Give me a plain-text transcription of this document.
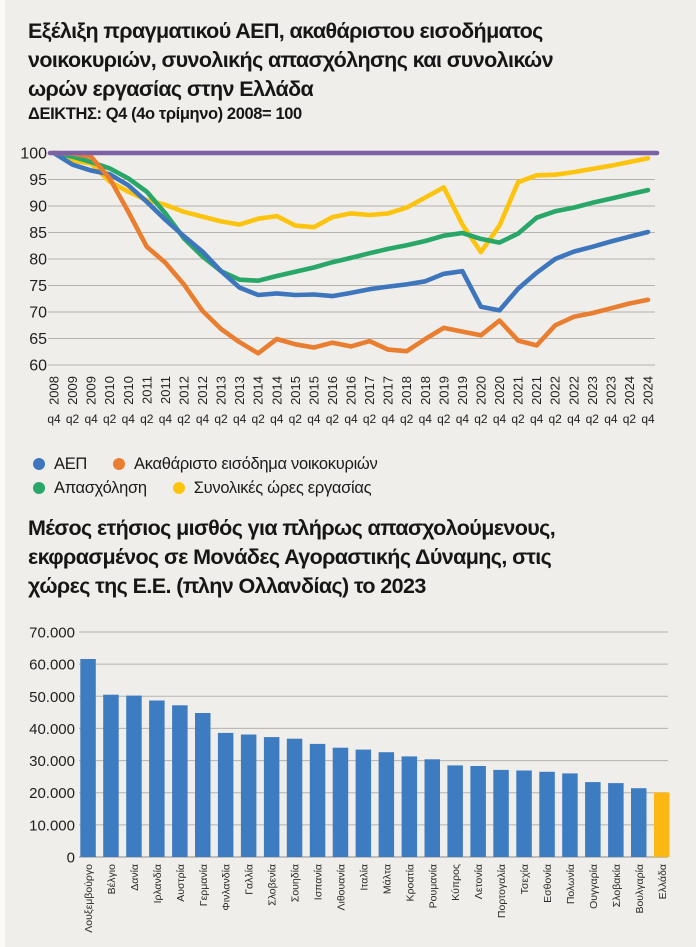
Εξέλιξη πραγματικού ΑΕΠ, ακαθάριστου εισοδήματος
νοικοκυριών, συνολικής απασχόλησης και συνολικών
ωρών εργασίας στην Ελλάδα
ΔΕΙΚΤΗΣ: Q4 (4ο τρίμηνο) 2008= 100
100
95
90
85
80
75
70
65
60
2008
q4
2009
q2
2009
q4
2010
q2
2010
q4
2011
q2
2011
q4
2012
q2
2012
q4
2013
q2
2013
q4
2014
q2
2014
q4
2015
q2
2015
q4
2016
q2
2016
q4
2017
q2
2017
q4
2018
q2
2018
q4
2019
q2
2019
q4
2020
q2
2020
q4
2021
q2
2021
q4
2022
q2
2022
q4
2023
q2
2023
q4
2024
q2
2024
q4
70.000
60.000
50.000
40.000
30.000
20.000
10.000
0
Λουξεμβούργο Βέλγιο Δανία Ιρλανδία Αυστρία Γερμανία Φινλανδία Γαλλία Σλοβενία Σουηδία Ισπανία Λιθουανία Ιταλία Μάλτα Κροατία Ρουμανία Κύπρος Λετονία Πορτογαλία Τσεχία Εσθονία Πολωνία Ουγγαρία Σλοβακία Βουλγαρία Ελλάδα
ΑΕΠ	Ακαθάριστο εισόδημα νοικοκυριών
Απασχόληση	Συνολικές ώρες εργασίας
Μέσος ετήσιος μισθός για πλήρως απασχολούμενους,
εκφρασμένος σε Μονάδες Αγοραστικής Δύναμης, στις
χώρες της Ε.Ε. (πλην Ολλανδίας) το 2023
